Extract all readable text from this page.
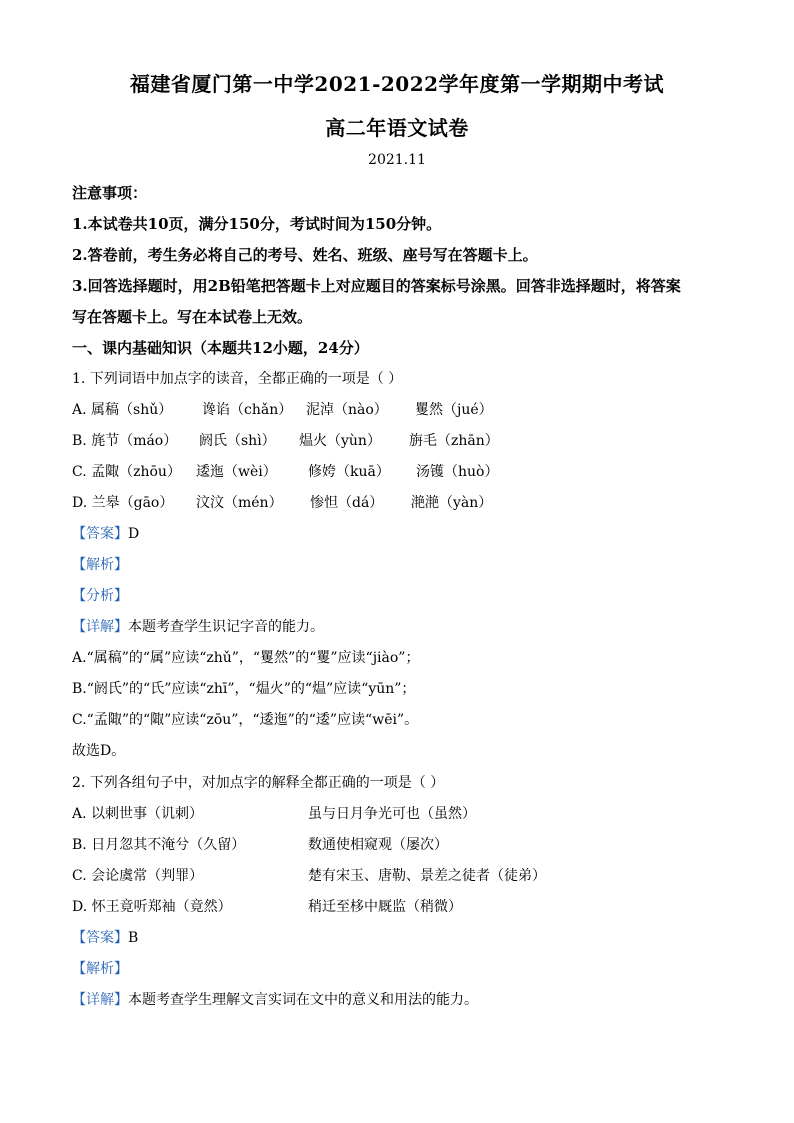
福建省厦门第一中学2021-2022学年度第一学期期中考试
高二年语文试卷
2021.11
注意事项：
1.本试卷共10页，满分150分，考试时间为150分钟。
2.答卷前，考生务必将自己的考号、姓名、班级、座号写在答题卡上。
3.回答选择题时，用2B铅笔把答题卡上对应题目的答案标号涂黑。回答非选择题时，将答案
写在答题卡上。写在本试卷上无效。
一、课内基础知识（本题共12小题，24分）
1. 下列词语中加点字的读音，全都正确的一项是（ ）
A. 属稿（shǔ） 谗谄（chǎn） 泥淖（nào） 矍然（jué）
B. 旄节（máo） 阏氏（shì） 煴火（yùn） 旃毛（zhān）
C. 孟陬（zhōu） 逶迤（wèi） 修姱（kuā） 汤镬（huò）
D. 兰皋（gāo） 汶汶（mén） 惨怛（dá） 滟滟（yàn）
【答案】D
【解析】
【分析】
【详解】本题考查学生识记字音的能力。
A.“属稿”的“属”应读“zhǔ”，“矍然”的“矍”应读“jiào”；
B.“阏氏”的“氏”应读“zhī”，“煴火”的“煴”应读“yūn”；
C.“孟陬”的“陬”应读“zōu”，“逶迤”的“逶”应读“wēi”。
故选D。
2. 下列各组句子中，对加点字的解释全都正确的一项是（ ）
A. 以刺世事（讥刺）	虽与日月争光可也（虽然）
B. 日月忽其不淹兮（久留）	数通使相窥观（屡次）
C. 会论虞常（判罪）	楚有宋玉、唐勒、景差之徒者（徒弟）
D. 怀王竟听郑袖（竟然）	稍迁至栘中厩监（稍微）
【答案】B
【解析】
【详解】本题考查学生理解文言实词在文中的意义和用法的能力。
